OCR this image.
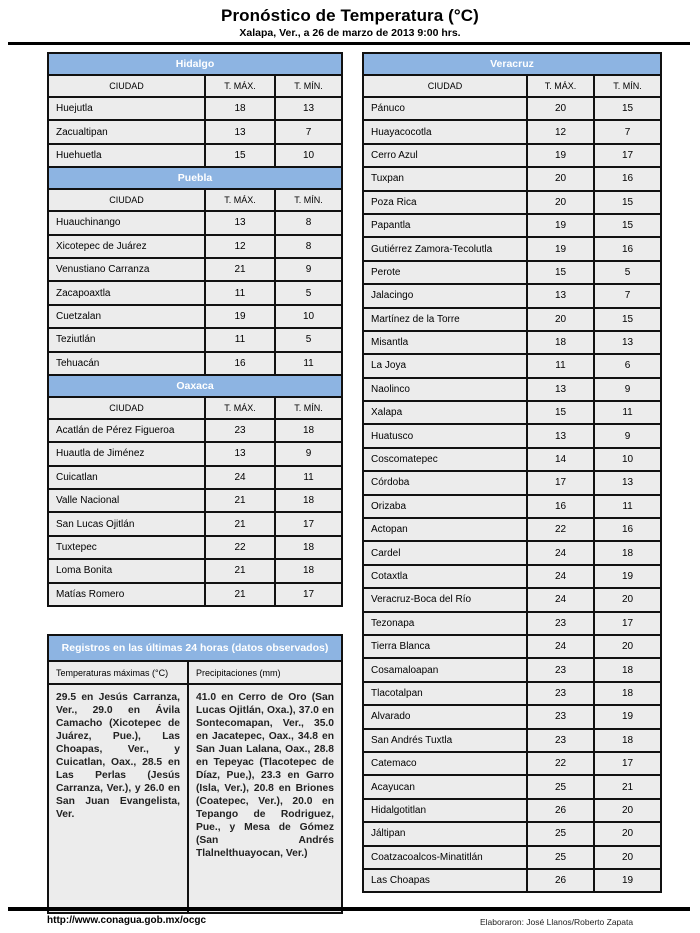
Pronóstico de Temperatura (°C)
Xalapa, Ver., a 26 de marzo de 2013 9:00 hrs.
Hidalgo		
CIUDAD	T. MÁX.	T. MÍN.
Huejutla	18	13
Zacualtipan	13	7
Huehuetla	15	10
Puebla		
CIUDAD	T. MÁX.	T. MÍN.
Huauchinango	13	8
Xicotepec de Juárez	12	8
Venustiano Carranza	21	9
Zacapoaxtla	11	5
Cuetzalan	19	10
Teziutlán	11	5
Tehuacán	16	11
Oaxaca		
CIUDAD	T. MÁX.	T. MÍN.
Acatlán de Pérez Figueroa	23	18
Huautla de Jiménez	13	9
Cuicatlan	24	11
Valle Nacional	21	18
San Lucas Ojitlán	21	17
Tuxtepec	22	18
Loma Bonita	21	18
Matías Romero	21	17
Veracruz		
CIUDAD	T. MÁX.	T. MÍN.
Pánuco	20	15
Huayacocotla	12	7
Cerro Azul	19	17
Tuxpan	20	16
Poza Rica	20	15
Papantla	19	15
Gutiérrez Zamora-Tecolutla	19	16
Perote	15	5
Jalacingo	13	7
Martínez de la Torre	20	15
Misantla	18	13
La Joya	11	6
Naolinco	13	9
Xalapa	15	11
Huatusco	13	9
Coscomatepec	14	10
Córdoba	17	13
Orizaba	16	11
Actopan	22	16
Cardel	24	18
Cotaxtla	24	19
Veracruz-Boca del Río	24	20
Tezonapa	23	17
Tierra Blanca	24	20
Cosamaloapan	23	18
Tlacotalpan	23	18
Alvarado	23	19
San Andrés Tuxtla	23	18
Catemaco	22	17
Acayucan	25	21
Hidalgotitlan	26	20
Jáltipan	25	20
Coatzacoalcos-Minatitlán	25	20
Las Choapas	26	19
Registros en las últimas 24 horas (datos observados)	
Temperaturas máximas (°C)	Precipitaciones (mm)
29.5 en Jesús Carranza, Ver., 29.0 en Ávila Camacho (Xicotepec de Juárez, Pue.), Las Choapas, Ver., y Cuicatlan, Oax., 28.5 en Las Perlas (Jesús Carranza, Ver.), y 26.0 en San Juan Evangelista, Ver.	41.0 en Cerro de Oro (San Lucas Ojitlán, Oxa.), 37.0 en Sontecomapan, Ver., 35.0 en Jacatepec, Oax., 34.8 en San Juan Lalana, Oax., 28.8 en Tepeyac (Tlacotepec de Díaz, Pue,), 23.3 en Garro (Isla, Ver.), 20.8 en Briones (Coatepec, Ver.), 20.0 en Tepango de Rodriguez, Pue., y Mesa de Gómez (San Andrés Tlalnelthuayocan, Ver.)
http://www.conagua.gob.mx/ocgc	Elaboraron: José Llanos/Roberto Zapata
